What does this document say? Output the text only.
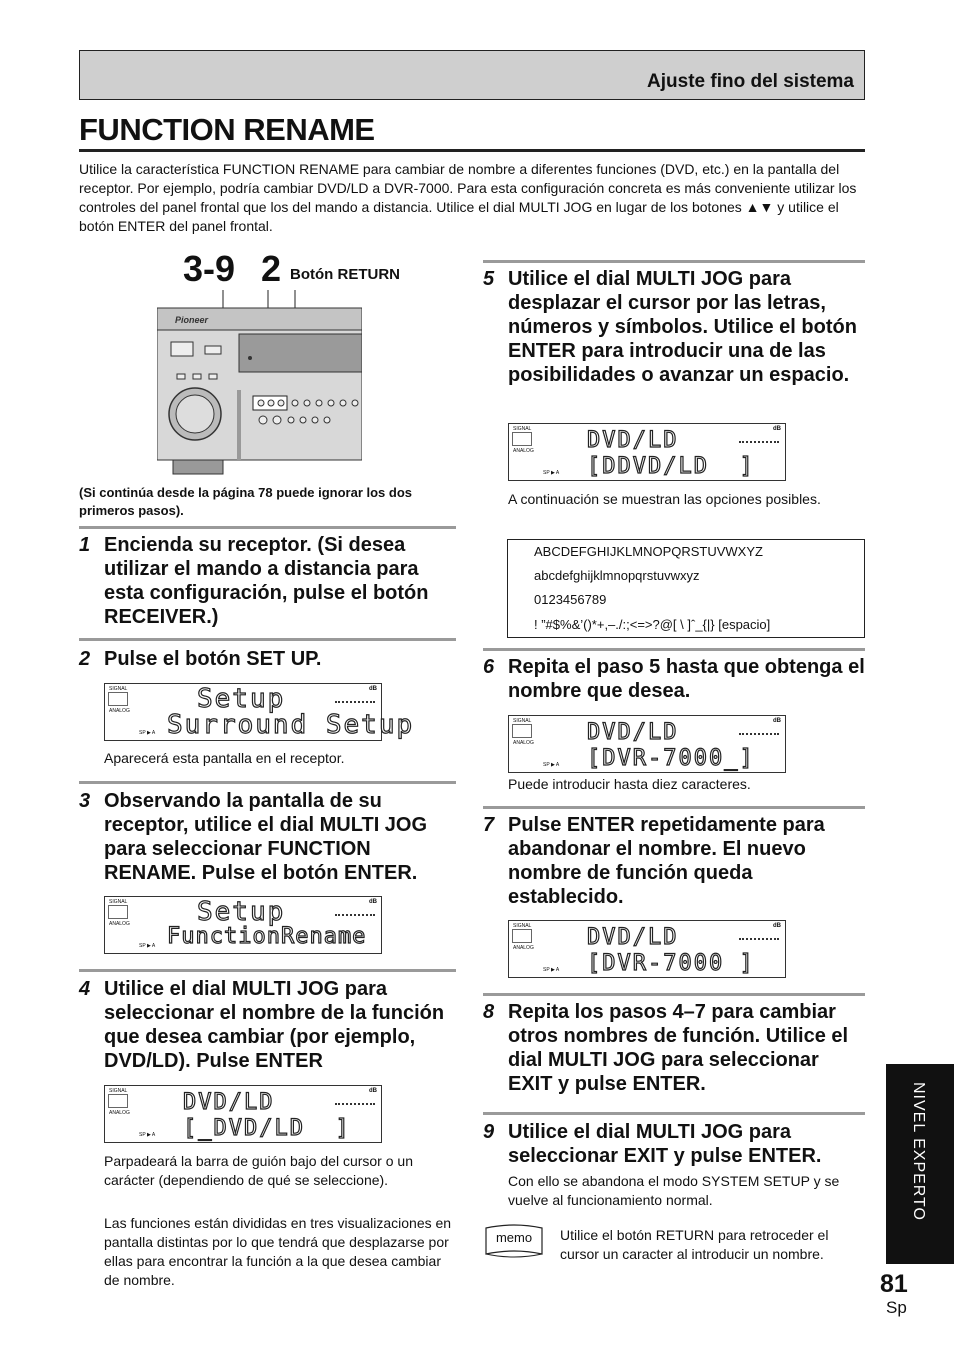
Ajuste fino del sistema
FUNCTION RENAME
Utilice la característica FUNCTION RENAME para cambiar de nombre a diferentes funciones (DVD, etc.) en la pantalla del receptor. Por ejemplo, podría cambiar DVD/LD a DVR-7000. Para esta configuración concreta es más conveniente utilizar los controles del panel frontal que los del mando a distancia. Utilice el dial MULTI JOG en lugar de los botones ▲▼ y utilice el botón ENTER del panel frontal.
3-9 2 Botón RETURN
Pioneer
(Si continúa desde la página 78 puede ignorar los dos primeros pasos).
1 Encienda su receptor. (Si desea utilizar el mando a distancia para esta configuración, pulse el botón RECEIVER.)
2 Pulse el botón SET UP.
SIGNAL
ANALOG
SP ▶ A
dB
Setup
Surround Setup
Aparecerá esta pantalla en el receptor.
3 Observando la pantalla de su receptor, utilice el dial MULTI JOG para seleccionar FUNCTION RENAME. Pulse el botón ENTER.
SIGNAL
ANALOG
SP ▶ A
dB
Setup
FunctionRename
4 Utilice el dial MULTI JOG para seleccionar el nombre de la función que desea cambiar (por ejemplo, DVD/LD). Pulse ENTER
SIGNAL
ANALOG
SP ▶ A
dB
DVD/LD
[_DVD/LD  ]
Parpadeará la barra de guión bajo del cursor o un carácter (dependiendo de qué se seleccione).
Las funciones están divididas en tres visualizaciones en pantalla distintas por lo que tendrá que desplazarse por ellas para encontrar la función a la que desea cambiar de nombre.
5 Utilice el dial MULTI JOG para desplazar el cursor por las letras, números y símbolos. Utilice el botón ENTER para introducir una de las posibilidades o avanzar un espacio.
SIGNAL
ANALOG
SP ▶ A
dB
DVD/LD
[DDVD/LD  ]
A continuación se muestran las opciones posibles.
ABCDEFGHIJKLMNOPQRSTUVWXYZ
abcdefghijklmnopqrstuvwxyz
0123456789
! ”#$%&’()*+,–./:;<=>?@[ \ ]ˆ_{|} [espacio]
6 Repita el paso 5 hasta que obtenga el nombre que desea.
SIGNAL
ANALOG
SP ▶ A
dB
DVD/LD
[DVR-7000_]
Puede introducir hasta diez caracteres.
7 Pulse ENTER repetidamente para abandonar el nombre. El nuevo nombre de función queda establecido.
SIGNAL
ANALOG
SP ▶ A
dB
DVD/LD
[DVR-7000 ]
8 Repita los pasos 4–7 para cambiar otros nombres de función. Utilice el dial MULTI JOG para seleccionar EXIT y pulse ENTER.
9 Utilice el dial MULTI JOG para seleccionar EXIT y pulse ENTER.
Con ello se abandona el modo SYSTEM SETUP y se vuelve al funcionamiento normal.
memo Utilice el botón RETURN para retroceder el cursor un caracter al introducir un nombre.
NIVEL EXPERTO
81
Sp
